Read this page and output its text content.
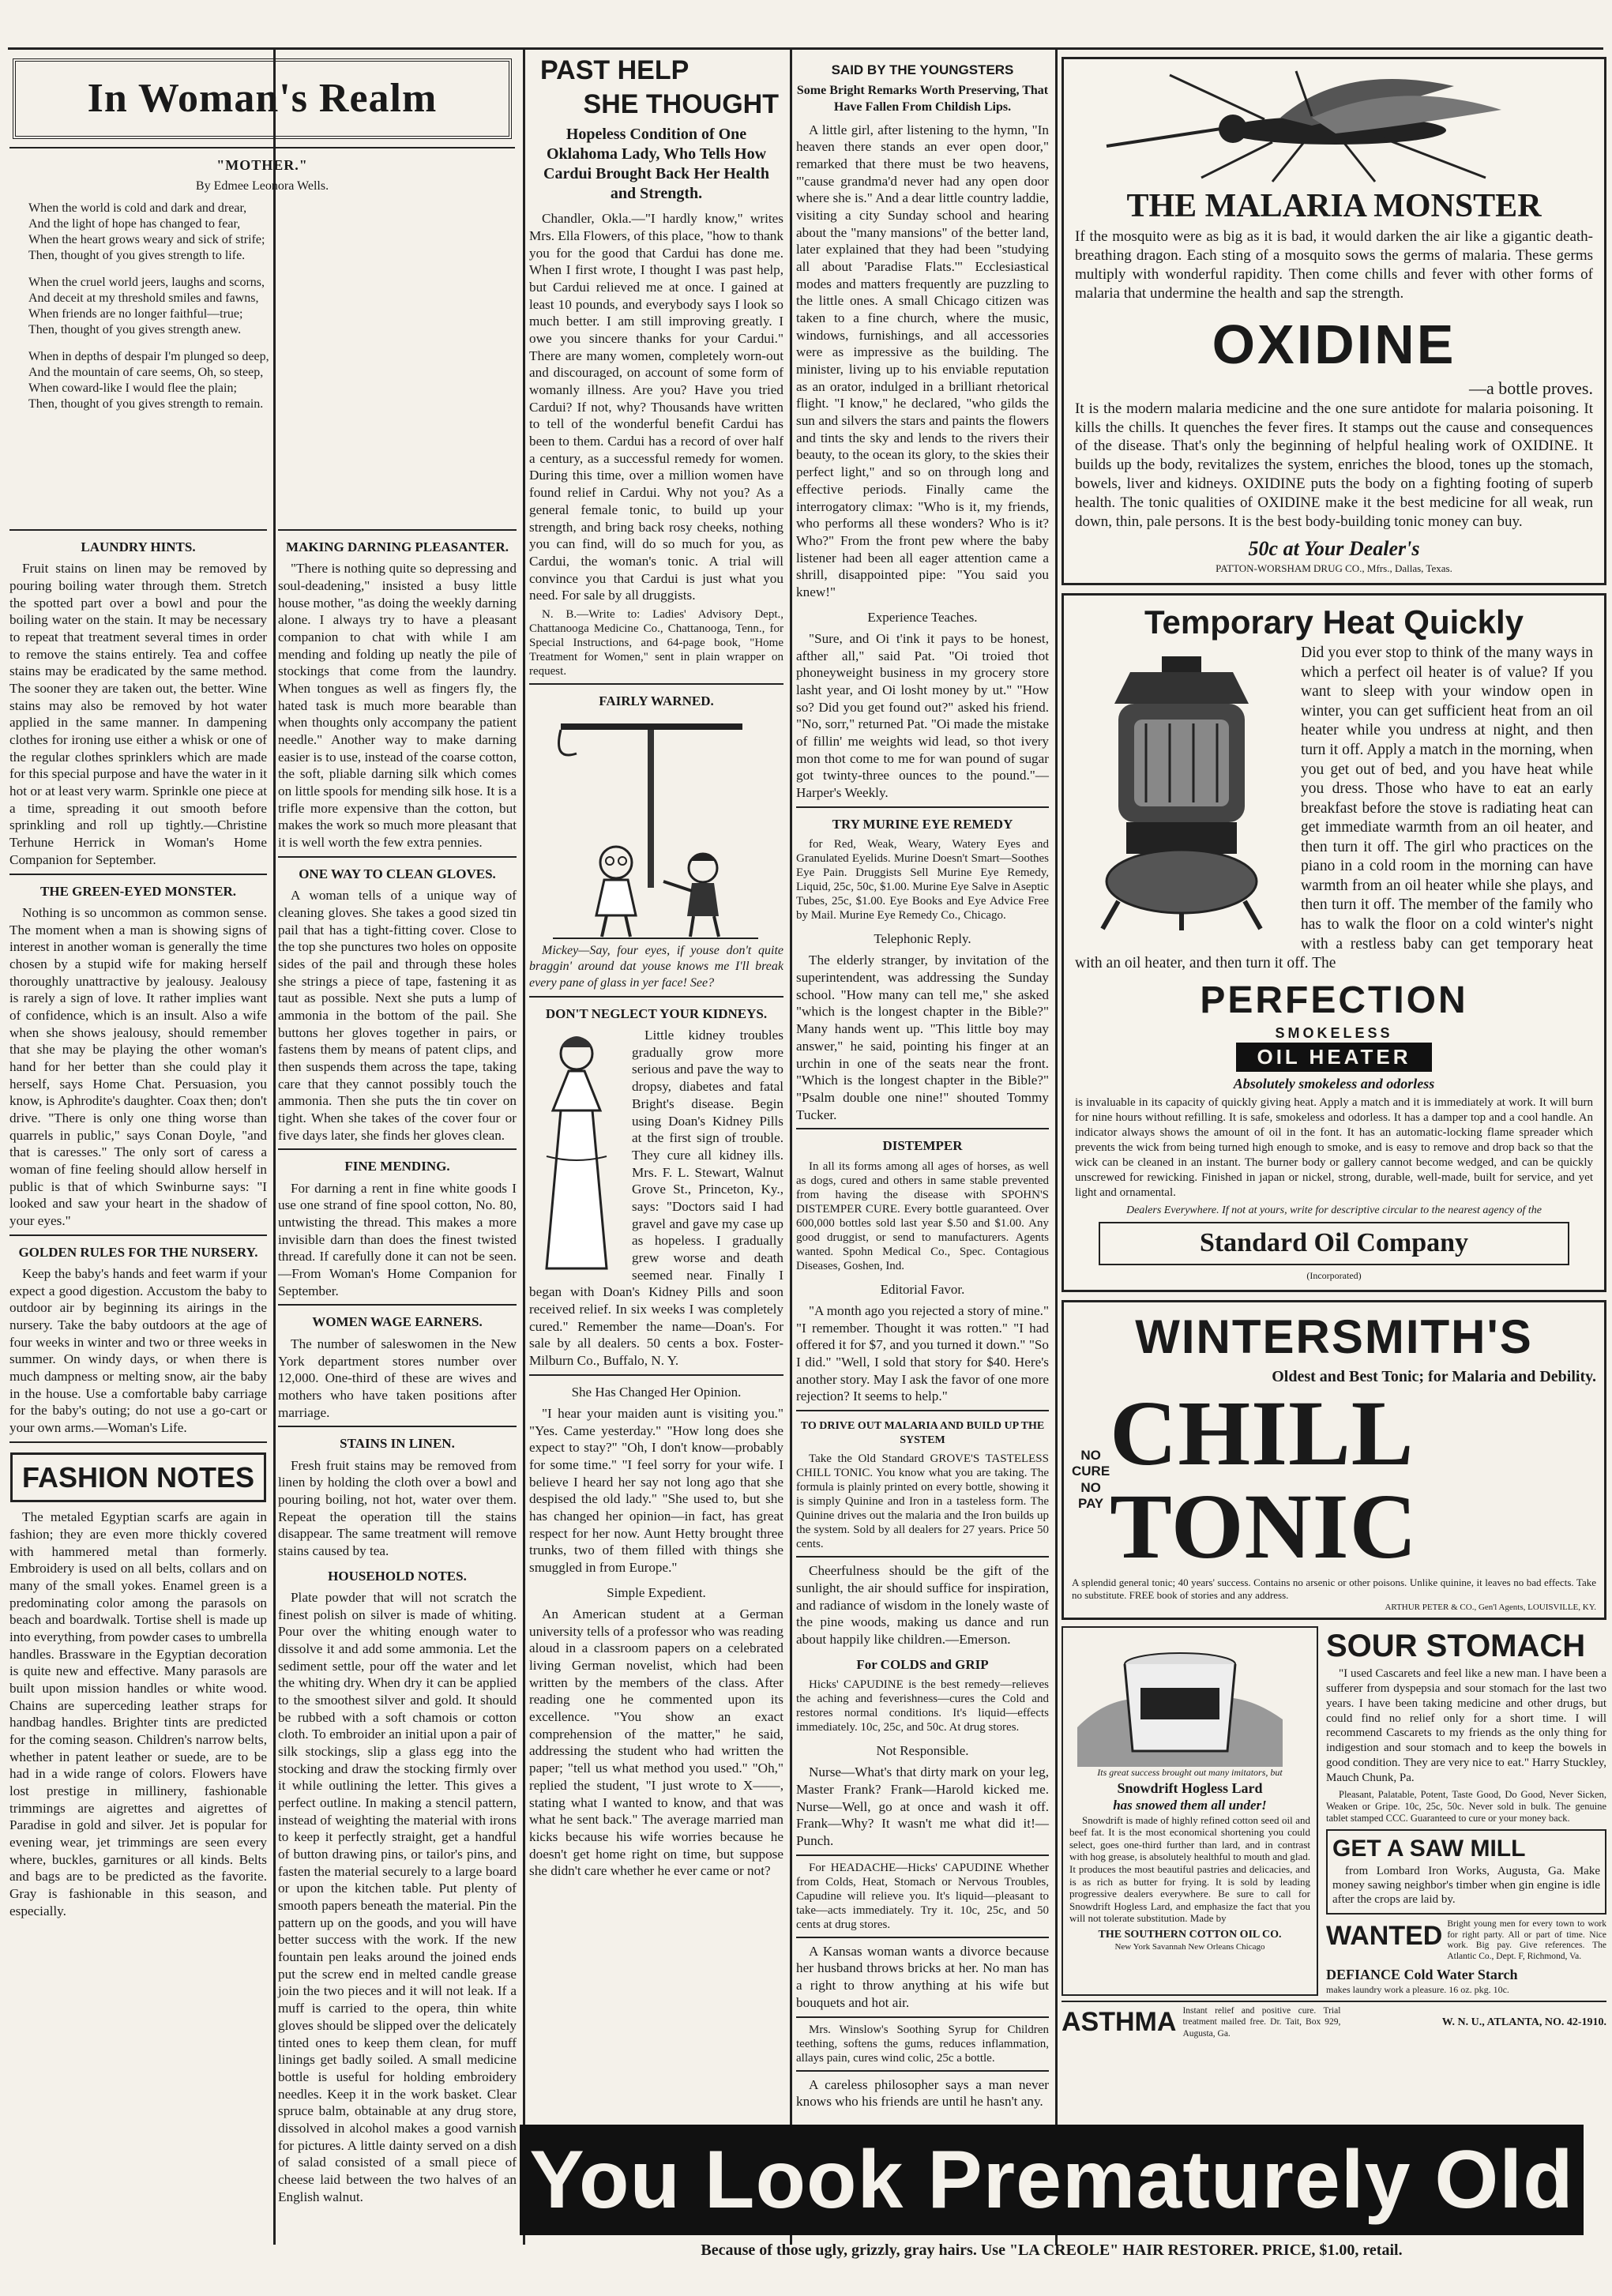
In Woman's Realm
"MOTHER."
By Edmee Leonora Wells.
When the world is cold and dark and drear,
And the light of hope has changed to fear,
When the heart grows weary and sick of strife;
Then, thought of you gives strength to life.
When the cruel world jeers, laughs and scorns,
And deceit at my threshold smiles and fawns,
When friends are no longer faithful—true;
Then, thought of you gives strength anew.
When in depths of despair I'm plunged so deep,
And the mountain of care seems, Oh, so steep,
When coward-like I would flee the plain;
Then, thought of you gives strength to remain.
LAUNDRY HINTS.

Fruit stains on linen may be removed by pouring boiling water through them. Stretch the spotted part over a bowl and pour the boiling water on the stain. It may be necessary to repeat that treatment several times in order to remove the stains entirely. Tea and coffee stains may be eradicated by the same method. The sooner they are taken out, the better. Wine stains may also be removed by hot water applied in the same manner. In dampening clothes for ironing use either a whisk or one of the regular clothes sprinklers which are made for this special purpose and have the water in it hot or at least very warm. Sprinkle one piece at a time, spreading it out smooth before sprinkling and roll up tightly.—Christine Terhune Herrick in Woman's Home Companion for September.

THE GREEN-EYED MONSTER.

Nothing is so uncommon as common sense. The moment when a man is showing signs of interest in another woman is generally the time chosen by a stupid wife for making herself thoroughly unattractive by jealousy. Jealousy is rarely a sign of love. It rather implies want of confidence, which is an insult. Also a wife when she shows jealousy, should remember that she may be playing the other woman's hand for her better than she could play it herself, says Home Chat. Persuasion, you know, is Aphrodite's daughter. Coax then; don't drive. "There is only one thing worse than quarrels in public," says Conan Doyle, "and that is caresses." The only sort of caress a woman of fine feeling should allow herself in public is that of which Swinburne says: "I looked and saw your heart in the shadow of your eyes."

GOLDEN RULES FOR THE NURSERY.

Keep the baby's hands and feet warm if your expect a good digestion. Accustom the baby to outdoor air by beginning its airings in the nursery. Take the baby outdoors at the age of four weeks in winter and two or three weeks in summer. On windy days, or when there is much dampness or melting snow, air the baby in the house. Use a comfortable baby carriage for the baby's outing; do not use a go-cart or your own arms.—Woman's Life.

FASHION NOTES

The metaled Egyptian scarfs are again in fashion; they are even more thickly covered with hammered metal than formerly. Embroidery is used on all belts, collars and on many of the small yokes. Enamel green is a predominating color among the parasols on beach and boardwalk. Tortise shell is made up into everything, from powder cases to umbrella handles. Brassware in the Egyptian decoration is quite new and effective. Many parasols are built upon mission handles or white wood. Chains are superceding leather straps for handbag handles. Brighter tints are predicted for the coming season. Children's narrow belts, whether in patent leather or suede, are to be had in a wide range of colors. Flowers have lost prestige in millinery, fashionable trimmings are aigrettes and aigrettes of Paradise in gold and silver. Jet is popular for evening wear, jet trimmings are seen every where, buckles, garnitures or all kinds. Belts and bags are to be predicted as the favorite. Gray is fashionable in this season, and especially.

MAKING DARNING PLEASANTER.

"There is nothing quite so depressing and soul-deadening," insisted a busy little house mother, "as doing the weekly darning alone. I always try to have a pleasant companion to chat with while I am mending and folding up neatly the pile of stockings that come from the laundry. When tongues as well as fingers fly, the hated task is much more bearable than when thoughts only accompany the patient needle." Another way to make darning easier is to use, instead of the coarse cotton, the soft, pliable darning silk which comes on little spools for mending silk hose. It is a trifle more expensive than the cotton, but makes the work so much more pleasant that it is well worth the few extra pennies.

ONE WAY TO CLEAN GLOVES.

A woman tells of a unique way of cleaning gloves. She takes a good sized tin pail that has a tight-fitting cover. Close to the top she punctures two holes on opposite sides of the pail and through these holes she strings a piece of tape, fastening it as taut as possible. Next she puts a lump of ammonia in the bottom of the pail. She buttons her gloves together in pairs, or fastens them by means of patent clips, and then suspends them across the tape, taking care that they cannot possibly touch the ammonia. Then she puts the tin cover on tight. When she takes of the cover four or five days later, she finds her gloves clean.

FINE MENDING.

For darning a rent in fine white goods I use one strand of fine spool cotton, No. 80, untwisting the thread. This makes a more invisible darn than does the finest twisted thread. If carefully done it can not be seen.—From Woman's Home Companion for September.

WOMEN WAGE EARNERS.

The number of saleswomen in the New York department stores number over 12,000. One-third of these are wives and mothers who have taken positions after marriage.

STAINS IN LINEN.

Fresh fruit stains may be removed from linen by holding the cloth over a bowl and pouring boiling, not hot, water over them. Repeat the operation till the stains disappear. The same treatment will remove stains caused by tea.

HOUSEHOLD NOTES.

Plate powder that will not scratch the finest polish on silver is made of whiting. Pour over the whiting enough water to dissolve it and add some ammonia. Let the sediment settle, pour off the water and let the whiting dry. When dry it can be applied to the smoothest silver and gold. It should be rubbed with a soft chamois or cotton cloth. To embroider an initial upon a pair of silk stockings, slip a glass egg into the stocking and draw the stocking firmly over it while outlining the letter. This gives a perfect outline. In making a stencil pattern, instead of weighting the material with irons to keep it perfectly straight, get a handful of button drawing pins, or tailor's pins, and fasten the material securely to a large board or upon the kitchen table. Put plenty of smooth papers beneath the material. Pin the pattern up on the goods, and you will have better success with the work. If the new fountain pen leaks around the joined ends put the screw end in melted candle grease join the two pieces and it will not leak. If a muff is carried to the opera, thin white gloves should be slipped over the delicately tinted ones to keep them clean, for muff linings get badly soiled. A small medicine bottle is useful for holding embroidery needles. Keep it in the work basket. Clear spruce balm, obtainable at any drug store, dissolved in alcohol makes a good varnish for pictures. A little dainty served on a dish of salad consisted of a small piece of cheese laid between the two halves of an English walnut.

PAST HELP
SHE THOUGHT
Hopeless Condition of One Oklahoma Lady, Who Tells How Cardui Brought Back Her Health and Strength.

Chandler, Okla.—"I hardly know," writes Mrs. Ella Flowers, of this place, "how to thank you for the good that Cardui has done me. When I first wrote, I thought I was past help, but Cardui relieved me at once. I gained at least 10 pounds, and everybody says I look so much better. I am still improving greatly. I owe you sincere thanks for your Cardui." There are many women, completely worn-out and discouraged, on account of some form of womanly illness. Are you? Have you tried Cardui? If not, why? Thousands have written to tell of the wonderful benefit Cardui has been to them. Cardui has a record of over half a century, as a successful remedy for women. During this time, over a million women have found relief in Cardui. Why not you? As a general female tonic, to build up your strength, and bring back rosy cheeks, nothing you can find, will do so much for you, as Cardui, the woman's tonic. A trial will convince you that Cardui is just what you need. For sale by all druggists.

N. B.—Write to: Ladies' Advisory Dept., Chattanooga Medicine Co., Chattanooga, Tenn., for Special Instructions, and 64-page book, "Home Treatment for Women," sent in plain wrapper on request.

FAIRLY WARNED.

Mickey—Say, four eyes, if youse don't quite braggin' around dat youse knows me I'll break every pane of glass in yer face! See?

DON'T NEGLECT YOUR KIDNEYS.

Little kidney troubles gradually grow more serious and pave the way to dropsy, diabetes and fatal Bright's disease. Begin using Doan's Kidney Pills at the first sign of trouble. They cure all kidney ills. Mrs. F. L. Stewart, Walnut Grove St., Princeton, Ky., says: "Doctors said I had gravel and gave my case up as hopeless. I gradually grew worse and death seemed near. Finally I began with Doan's Kidney Pills and soon received relief. In six weeks I was completely cured." Remember the name—Doan's. For sale by all dealers. 50 cents a box. Foster-Milburn Co., Buffalo, N. Y.

She Has Changed Her Opinion.

"I hear your maiden aunt is visiting you." "Yes. Came yesterday." "How long does she expect to stay?" "Oh, I don't know—probably for some time." "I feel sorry for your wife. I believe I heard her say not long ago that she despised the old lady." "She used to, but she has changed her opinion—in fact, has great respect for her now. Aunt Hetty brought three trunks, two of them filled with things she smuggled in from Europe."

Simple Expedient.

An American student at a German university tells of a professor who was reading aloud in a classroom papers on a celebrated living German novelist, which had been written by the members of the class. After reading one he commented upon its excellence. "You show an exact comprehension of the matter," he said, addressing the student who had written the paper; "tell us what method you used." "Oh," replied the student, "I just wrote to X——, stating what I wanted to know, and that was what he sent back." The average married man kicks because his wife worries because he doesn't get home right on time, but suppose she didn't care whether he ever came or not?

SAID BY THE YOUNGSTERS
Some Bright Remarks Worth Preserving, That Have Fallen From Childish Lips.

A little girl, after listening to the hymn, "In heaven there stands an ever open door," remarked that there must be two heavens, "'cause grandma'd never had any open door where she is." And a dear little country laddie, visiting a city Sunday school and hearing about the "many mansions" of the better land, later explained that they had been "studying all about 'Paradise Flats.'" Ecclesiastical modes and matters frequently are puzzling to the little ones. A small Chicago citizen was taken to a fine church, where the music, windows, furnishings, and all accessories were as impressive as the building. The minister, living up to his enviable reputation as an orator, indulged in a brilliant rhetorical flight. "I know," he declared, "who gilds the sun and silvers the stars and paints the flowers and tints the sky and lends to the rivers their beauty, to the ocean its glory, to the skies their perfect light," and so on through long and effective periods. Finally came the interrogatory climax: "Who is it, my friends, who performs all these wonders? Who is it? Who?" From the front pew where the baby listener had been all eager attention came a shrill, disappointed pipe: "You said you knew!"

Experience Teaches.

"Sure, and Oi t'ink it pays to be honest, afther all," said Pat. "Oi troied thot phoneyweight business in my grocery store lasht year, and Oi losht money by ut." "How so? Did you get found out?" asked his friend. "No, sorr," returned Pat. "Oi made the mistake of fillin' me weights wid lead, so thot ivery mon thot come to me for wan pound of sugar got twinty-three ounces to the pound."—Harper's Weekly.

TRY MURINE EYE REMEDY

for Red, Weak, Weary, Watery Eyes and Granulated Eyelids. Murine Doesn't Smart—Soothes Eye Pain. Druggists Sell Murine Eye Remedy, Liquid, 25c, 50c, $1.00. Murine Eye Salve in Aseptic Tubes, 25c, $1.00. Eye Books and Eye Advice Free by Mail. Murine Eye Remedy Co., Chicago.

Telephonic Reply.

The elderly stranger, by invitation of the superintendent, was addressing the Sunday school. "How many can tell me," she asked "which is the longest chapter in the Bible?" Many hands went up. "This little boy may answer," he said, pointing his finger at an urchin in one of the seats near the front. "Which is the longest chapter in the Bible?" "Psalm double one nine!" shouted Tommy Tucker.

DISTEMPER

In all its forms among all ages of horses, as well as dogs, cured and others in same stable prevented from having the disease with SPOHN'S DISTEMPER CURE. Every bottle guaranteed. Over 600,000 bottles sold last year $.50 and $1.00. Any good druggist, or send to manufacturers. Agents wanted. Spohn Medical Co., Spec. Contagious Diseases, Goshen, Ind.

Editorial Favor.

"A month ago you rejected a story of mine." "I remember. Thought it was rotten." "I had offered it for $7, and you turned it down." "So I did." "Well, I sold that story for $40. Here's another story. May I ask the favor of one more rejection? It seems to help."

TO DRIVE OUT MALARIA AND BUILD UP THE SYSTEM

Take the Old Standard GROVE'S TASTELESS CHILL TONIC. You know what you are taking. The formula is plainly printed on every bottle, showing it is simply Quinine and Iron in a tasteless form. The Quinine drives out the malaria and the Iron builds up the system. Sold by all dealers for 27 years. Price 50 cents.

Cheerfulness should be the gift of the sunlight, the air should suffice for inspiration, and radiance of wisdom in the lonely waste of the pine woods, making us dance and run about happily like children.—Emerson.

For COLDS and GRIP

Hicks' CAPUDINE is the best remedy—relieves the aching and feverishness—cures the Cold and restores normal conditions. It's liquid—effects immediately. 10c, 25c, and 50c. At drug stores.

Not Responsible.

Nurse—What's that dirty mark on your leg, Master Frank? Frank—Harold kicked me. Nurse—Well, go at once and wash it off. Frank—Why? It wasn't me what did it!—Punch.

For HEADACHE—Hicks' CAPUDINE Whether from Colds, Heat, Stomach or Nervous Troubles, Capudine will relieve you. It's liquid—pleasant to take—acts immediately. Try it. 10c, 25c, and 50 cents at drug stores.

A Kansas woman wants a divorce because her husband throws bricks at her. No man has a right to throw anything at his wife but bouquets and hot air.

Mrs. Winslow's Soothing Syrup for Children teething, softens the gums, reduces inflammation, allays pain, cures wind colic, 25c a bottle.

A careless philosopher says a man never knows who his friends are until he hasn't any.

THE MALARIA MONSTER

If the mosquito were as big as it is bad, it would darken the air like a gigantic death-breathing dragon. Each sting of a mosquito sows the germs of malaria. These germs multiply with wonderful rapidity. Then come chills and fever with other forms of malaria that undermine the health and sap the strength.

OXIDINE
—a bottle proves.

It is the modern malaria medicine and the one sure antidote for malaria poisoning. It kills the chills. It quenches the fever fires. It stamps out the cause and consequences of the disease. That's only the beginning of helpful healing work of OXIDINE. It builds up the body, revitalizes the system, enriches the blood, tones up the stomach, bowels, liver and kidneys. OXIDINE puts the body on a fighting footing of superb health. The tonic qualities of OXIDINE make it the best medicine for all weak, run down, thin, pale persons. It is the best body-building tonic money can buy.

50c at Your Dealer's
PATTON-WORSHAM DRUG CO., Mfrs., Dallas, Texas.
Temporary Heat Quickly

Did you ever stop to think of the many ways in which a perfect oil heater is of value? If you want to sleep with your window open in winter, you can get sufficient heat from an oil heater while you undress at night, and then turn it off. Apply a match in the morning, when you get out of bed, and you have heat while you dress. Those who have to eat an early breakfast before the stove is radiating heat can get immediate warmth from an oil heater, and then turn it off. The girl who practices on the piano in a cold room in the morning can have warmth from an oil heater while she plays, and then turn it off. The member of the family who has to walk the floor on a cold winter's night with a restless baby can get temporary heat with an oil heater, and then turn it off. The

PERFECTION
SMOKELESS
OIL HEATER
Absolutely smokeless and odorless

is invaluable in its capacity of quickly giving heat. Apply a match and it is immediately at work. It will burn for nine hours without refilling. It is safe, smokeless and odorless. It has a damper top and a cool handle. An indicator always shows the amount of oil in the font. It has an automatic-locking flame spreader which prevents the wick from being turned high enough to smoke, and is easy to remove and drop back so that the wick can be cleaned in an instant. The burner body or gallery cannot become wedged, and can be quickly unscrewed for rewicking. Finished in japan or nickel, strong, durable, well-made, built for service, and yet light and ornamental.

Dealers Everywhere. If not at yours, write for descriptive circular to the nearest agency of the
Standard Oil Company
(Incorporated)
WINTERSMITH'S
Oldest and Best Tonic; for Malaria and Debility.
NO
CURE
NO
PAY
CHILL TONIC
A splendid general tonic; 40 years' success. Contains no arsenic or other poisons. Unlike quinine, it leaves no bad effects. Take no substitute. FREE book of stories and any address.
ARTHUR PETER & CO., Gen'l Agents, LOUISVILLE, KY.
Its great success brought out many imitators, but
Snowdrift Hogless Lard
has snowed them all under!

Snowdrift is made of highly refined cotton seed oil and beef fat. It is the most economical shortening you could select, goes one-third further than lard, and in contrast with hog grease, is absolutely healthful to mouth and glad. It produces the most beautiful pastries and delicacies, and is as rich as butter for frying. It is sold by leading progressive dealers everywhere. Be sure to call for Snowdrift Hogless Lard, and emphasize the fact that you will not tolerate substitution. Made by

THE SOUTHERN COTTON OIL CO.
New York Savannah New Orleans Chicago
SOUR STOMACH

"I used Cascarets and feel like a new man. I have been a sufferer from dyspepsia and sour stomach for the last two years. I have been taking medicine and other drugs, but could find no relief only for a short time. I will recommend Cascarets to my friends as the only thing for indigestion and sour stomach and to keep the bowels in good condition. They are very nice to eat." Harry Stuckley, Mauch Chunk, Pa.

Pleasant, Palatable, Potent, Taste Good, Do Good, Never Sicken, Weaken or Gripe. 10c, 25c, 50c. Never sold in bulk. The genuine tablet stamped CCC. Guaranteed to cure or your money back.

GET A SAW MILL

from Lombard Iron Works, Augusta, Ga. Make money sawing neighbor's timber when gin engine is idle after the crops are laid by.

WANTED Bright young men for every town to work for right party. All or part of time. Nice work. Big pay. Give references. The Atlantic Co., Dept. F, Richmond, Va.
DEFIANCE Cold Water Starch
makes laundry work a pleasure. 16 oz. pkg. 10c.
ASTHMA Instant relief and positive cure. Trial treatment mailed free. Dr. Tait, Box 929, Augusta, Ga.
W. N. U., ATLANTA, NO. 42-1910.
You Look Prematurely Old
Because of those ugly, grizzly, gray hairs. Use "LA CREOLE" HAIR RESTORER. PRICE, $1.00, retail.
